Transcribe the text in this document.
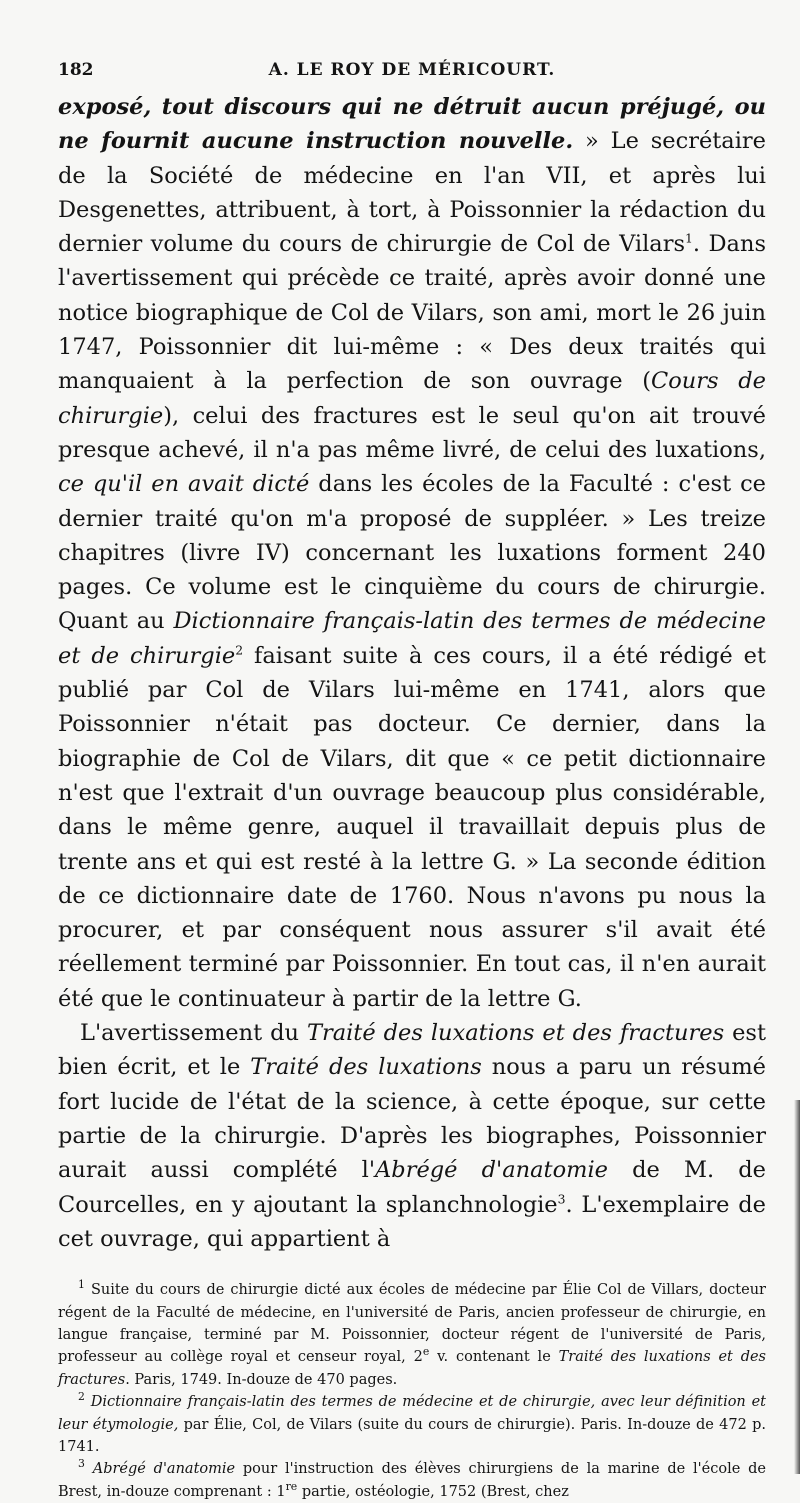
182	A. LE ROY DE MÉRICOURT.

exposé, tout discours qui ne détruit aucun préjugé, ou ne fournit aucune instruction nouvelle. » Le secrétaire de la Société de médecine en l'an VII, et après lui Desgenettes, attribuent, à tort, à Poissonnier la rédaction du dernier volume du cours de chirurgie de Col de Vilars$^1$. Dans l'avertissement qui précède ce traité, après avoir donné une notice biographique de Col de Vilars, son ami, mort le 26 juin 1747, Poissonnier dit lui-même : « Des deux traités qui manquaient à la perfection de son ouvrage (Cours de chirurgie), celui des fractures est le seul qu'on ait trouvé presque achevé, il n'a pas même livré, de celui des luxations, ce qu'il en avait dicté dans les écoles de la Faculté : c'est ce dernier traité qu'on m'a proposé de suppléer. » Les treize chapitres (livre IV) concernant les luxations forment 240 pages. Ce volume est le cinquième du cours de chirurgie. Quant au Dictionnaire français-latin des termes de médecine et de chirurgie$^2$ faisant suite à ces cours, il a été rédigé et publié par Col de Vilars lui-même en 1741, alors que Poissonnier n'était pas docteur. Ce dernier, dans la biographie de Col de Vilars, dit que « ce petit dictionnaire n'est que l'extrait d'un ouvrage beaucoup plus considérable, dans le même genre, auquel il travaillait depuis plus de trente ans et qui est resté à la lettre G. » La seconde édition de ce dictionnaire date de 1760. Nous n'avons pu nous la procurer, et par conséquent nous assurer s'il avait été réellement terminé par Poissonnier. En tout cas, il n'en aurait été que le continuateur à partir de la lettre G.

L'avertissement du Traité des luxations et des fractures est bien écrit, et le Traité des luxations nous a paru un résumé fort lucide de l'état de la science, à cette époque, sur cette partie de la chirurgie. D'après les biographes, Poissonnier aurait aussi complété l'Abrégé d'anatomie de M. de Courcelles, en y ajoutant la splanchnologie$^3$. L'exemplaire de cet ouvrage, qui appartient à

$^1$ Suite du cours de chirurgie dicté aux écoles de médecine par Élie Col de Villars, docteur régent de la Faculté de médecine, en l'université de Paris, ancien professeur de chirurgie, en langue française, terminé par M. Poissonnier, docteur régent de l'université de Paris, professeur au collège royal et censeur royal, 2e v. contenant le Traité des luxations et des fractures. Paris, 1749. In-douze de 470 pages.

$^2$ Dictionnaire français-latin des termes de médecine et de chirurgie, avec leur définition et leur étymologie, par Élie, Col, de Vilars (suite du cours de chirurgie). Paris. In-douze de 472 p. 1741.

$^3$ Abrégé d'anatomie pour l'instruction des élèves chirurgiens de la marine de l'école de Brest, in-douze comprenant : 1re partie, ostéologie, 1752 (Brest, chez
